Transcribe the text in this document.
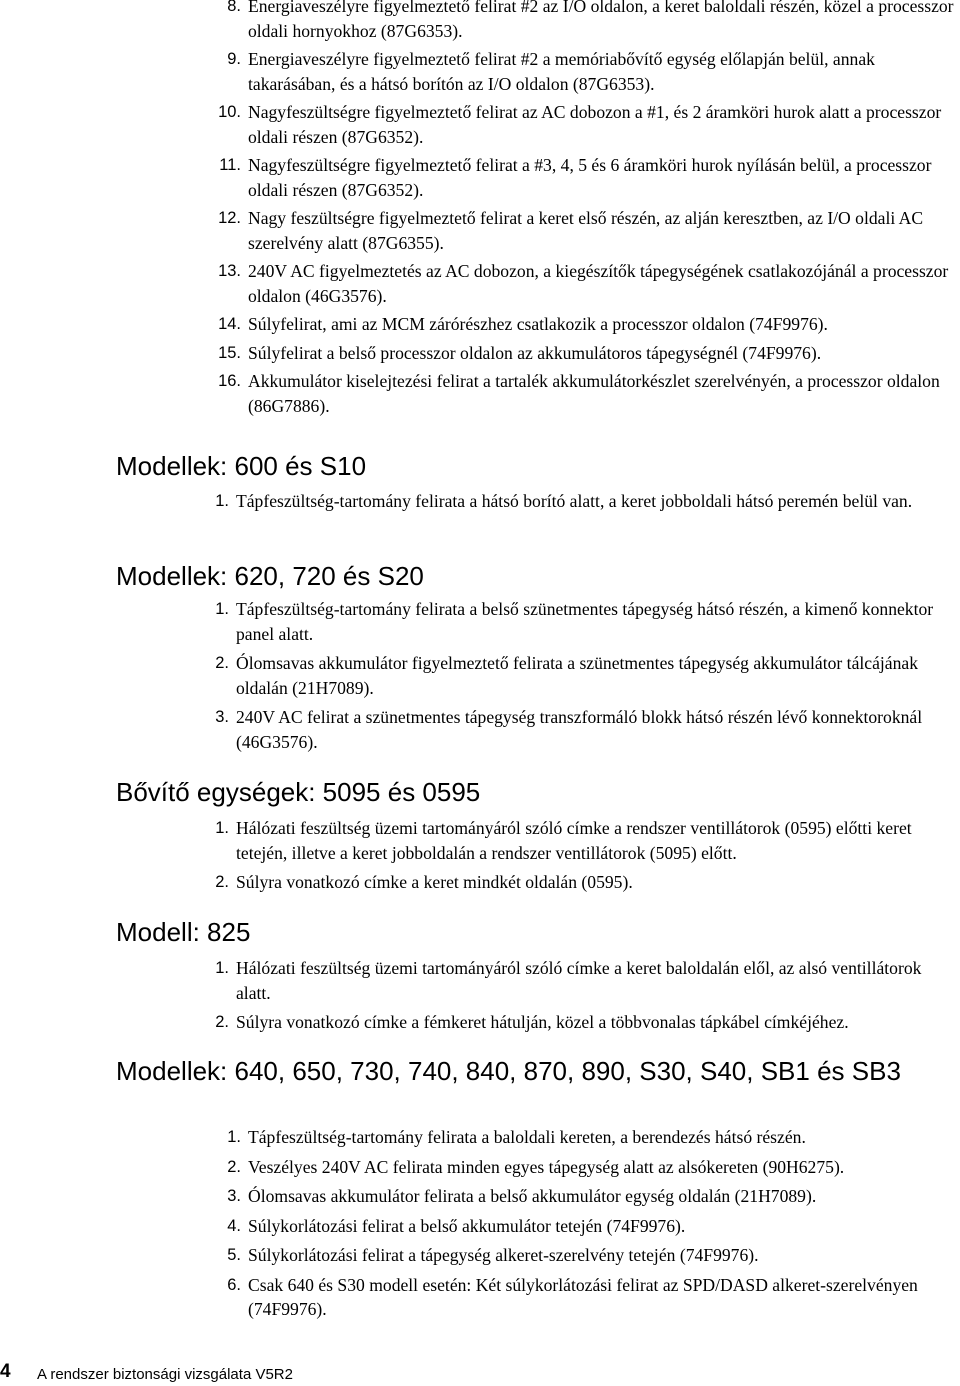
8. Energiaveszélyre figyelmeztető felirat #2 az I/O oldalon, a keret baloldali részén, közel a processzor oldali hornyokhoz (87G6353).
9. Energiaveszélyre figyelmeztető felirat #2 a memóriabővítő egység előlapján belül, annak takarásában, és a hátsó borítón az I/O oldalon (87G6353).
10. Nagyfeszültségre figyelmeztető felirat az AC dobozon a #1, és 2 áramköri hurok alatt a processzor oldali részen (87G6352).
11. Nagyfeszültségre figyelmeztető felirat a #3, 4, 5 és 6 áramköri hurok nyílásán belül, a processzor oldali részen (87G6352).
12. Nagy feszültségre figyelmeztető felirat a keret első részén, az alján keresztben, az I/O oldali AC szerelvény alatt (87G6355).
13. 240V AC figyelmeztetés az AC dobozon, a kiegészítők tápegységének csatlakozójánál a processzor oldalon (46G3576).
14. Súlyfelirat, ami az MCM zárórészhez csatlakozik a processzor oldalon (74F9976).
15. Súlyfelirat a belső processzor oldalon az akkumulátoros tápegységnél (74F9976).
16. Akkumulátor kiselejtezési felirat a tartalék akkumulátorkészlet szerelvényén, a processzor oldalon (86G7886).
Modellek: 600 és S10
1. Tápfeszültség-tartomány felirata a hátsó borító alatt, a keret jobboldali hátsó peremén belül van.
Modellek: 620, 720 és S20
1. Tápfeszültség-tartomány felirata a belső szünetmentes tápegység hátsó részén, a kimenő konnektor panel alatt.
2. Ólomsavas akkumulátor figyelmeztető felirata a szünetmentes tápegység akkumulátor tálcájának oldalán (21H7089).
3. 240V AC felirat a szünetmentes tápegység transzformáló blokk hátsó részén lévő konnektoroknál (46G3576).
Bővítő egységek: 5095 és 0595
1. Hálózati feszültség üzemi tartományáról szóló címke a rendszer ventillátorok (0595) előtti keret tetején, illetve a keret jobboldalán a rendszer ventillátorok (5095) előtt.
2. Súlyra vonatkozó címke a keret mindkét oldalán (0595).
Modell: 825
1. Hálózati feszültség üzemi tartományáról szóló címke a keret baloldalán elől, az alsó ventillátorok alatt.
2. Súlyra vonatkozó címke a fémkeret hátulján, közel a többvonalas tápkábel címkéjéhez.
Modellek: 640, 650, 730, 740, 840, 870, 890, S30, S40, SB1 és SB3
1. Tápfeszültség-tartomány felirata a baloldali kereten, a berendezés hátsó részén.
2. Veszélyes 240V AC felirata minden egyes tápegység alatt az alsókereten (90H6275).
3. Ólomsavas akkumulátor felirata a belső akkumulátor egység oldalán (21H7089).
4. Súlykorlátozási felirat a belső akkumulátor tetején (74F9976).
5. Súlykorlátozási felirat a tápegység alkeret-szerelvény tetején (74F9976).
6. Csak 640 és S30 modell esetén: Két súlykorlátozási felirat az SPD/DASD alkeret-szerelvényen (74F9976).
4 A rendszer biztonsági vizsgálata V5R2
